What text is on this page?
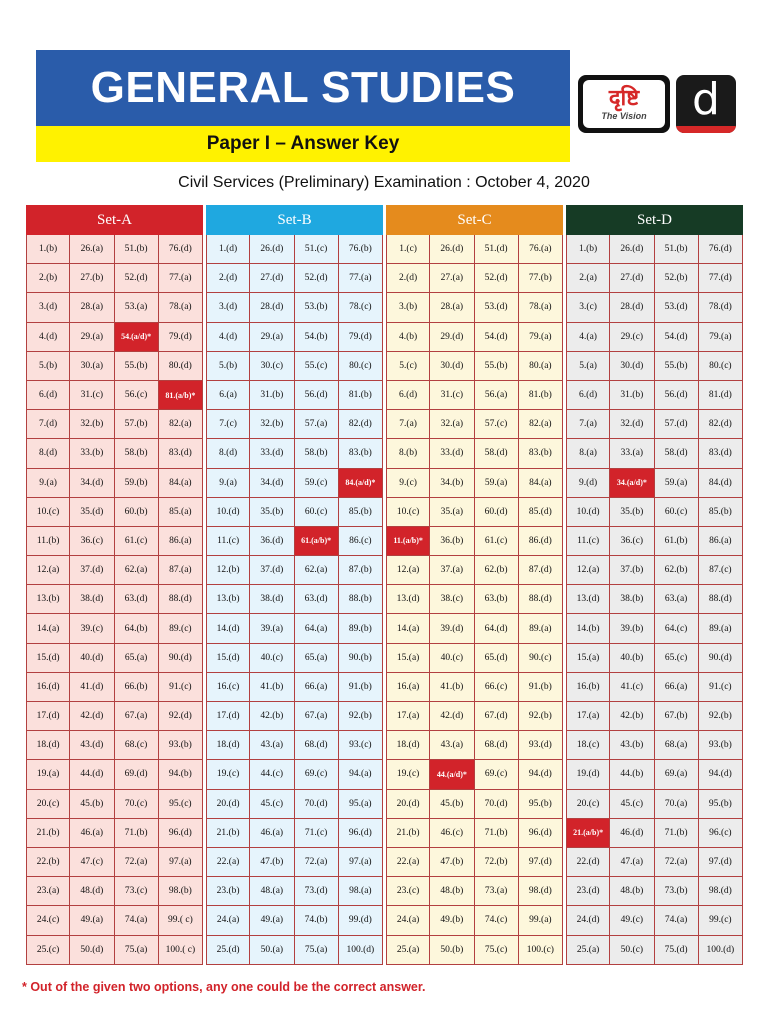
GENERAL STUDIES
Paper I – Answer Key
दृष्टि
The Vision	d
Civil Services (Preliminary) Examination : October 4, 2020
Set-A	Set-B	Set-C	Set-D
1.(b)	26.(a)	51.(b)	76.(d)	1.(d)	26.(d)	51.(c)	76.(b)	1.(c)	26.(d)	51.(d)	76.(a)	1.(b)	26.(d)	51.(b)	76.(d)
2.(b)	27.(b)	52.(d)	77.(a)	2.(d)	27.(d)	52.(d)	77.(a)	2.(d)	27.(a)	52.(d)	77.(b)	2.(a)	27.(d)	52.(b)	77.(d)
3.(d)	28.(a)	53.(a)	78.(a)	3.(d)	28.(d)	53.(b)	78.(c)	3.(b)	28.(a)	53.(d)	78.(a)	3.(c)	28.(d)	53.(d)	78.(d)
4.(d)	29.(a)	54.(a/d)*	79.(d)	4.(d)	29.(a)	54.(b)	79.(d)	4.(b)	29.(d)	54.(d)	79.(a)	4.(a)	29.(c)	54.(d)	79.(a)
5.(b)	30.(a)	55.(b)	80.(d)	5.(b)	30.(c)	55.(c)	80.(c)	5.(c)	30.(d)	55.(b)	80.(a)	5.(a)	30.(d)	55.(b)	80.(c)
6.(d)	31.(c)	56.(c)	81.(a/b)*	6.(a)	31.(b)	56.(d)	81.(b)	6.(d)	31.(c)	56.(a)	81.(b)	6.(d)	31.(b)	56.(d)	81.(d)
7.(d)	32.(b)	57.(b)	82.(a)	7.(c)	32.(b)	57.(a)	82.(d)	7.(a)	32.(a)	57.(c)	82.(a)	7.(a)	32.(d)	57.(d)	82.(d)
8.(d)	33.(b)	58.(b)	83.(d)	8.(d)	33.(d)	58.(b)	83.(b)	8.(b)	33.(d)	58.(d)	83.(b)	8.(a)	33.(a)	58.(d)	83.(d)
9.(a)	34.(d)	59.(b)	84.(a)	9.(a)	34.(d)	59.(c)	84.(a/d)*	9.(c)	34.(b)	59.(a)	84.(a)	9.(d)	34.(a/d)*	59.(a)	84.(d)
10.(c)	35.(d)	60.(b)	85.(a)	10.(d)	35.(b)	60.(c)	85.(b)	10.(c)	35.(a)	60.(d)	85.(d)	10.(d)	35.(b)	60.(c)	85.(b)
11.(b)	36.(c)	61.(c)	86.(a)	11.(c)	36.(d)	61.(a/b)*	86.(c)	11.(a/b)*	36.(b)	61.(c)	86.(d)	11.(c)	36.(c)	61.(b)	86.(a)
12.(a)	37.(d)	62.(a)	87.(a)	12.(b)	37.(d)	62.(a)	87.(b)	12.(a)	37.(a)	62.(b)	87.(d)	12.(a)	37.(b)	62.(b)	87.(c)
13.(b)	38.(d)	63.(d)	88.(d)	13.(b)	38.(d)	63.(d)	88.(b)	13.(d)	38.(c)	63.(b)	88.(d)	13.(d)	38.(b)	63.(a)	88.(d)
14.(a)	39.(c)	64.(b)	89.(c)	14.(d)	39.(a)	64.(a)	89.(b)	14.(a)	39.(d)	64.(d)	89.(a)	14.(b)	39.(b)	64.(c)	89.(a)
15.(d)	40.(d)	65.(a)	90.(d)	15.(d)	40.(c)	65.(a)	90.(b)	15.(a)	40.(c)	65.(d)	90.(c)	15.(a)	40.(b)	65.(c)	90.(d)
16.(d)	41.(d)	66.(b)	91.(c)	16.(c)	41.(b)	66.(a)	91.(b)	16.(a)	41.(b)	66.(c)	91.(b)	16.(b)	41.(c)	66.(a)	91.(c)
17.(d)	42.(d)	67.(a)	92.(d)	17.(d)	42.(b)	67.(a)	92.(b)	17.(a)	42.(d)	67.(d)	92.(b)	17.(a)	42.(b)	67.(b)	92.(b)
18.(d)	43.(d)	68.(c)	93.(b)	18.(d)	43.(a)	68.(d)	93.(c)	18.(d)	43.(a)	68.(d)	93.(d)	18.(c)	43.(b)	68.(a)	93.(b)
19.(a)	44.(d)	69.(d)	94.(b)	19.(c)	44.(c)	69.(c)	94.(a)	19.(c)	44.(a/d)*	69.(c)	94.(d)	19.(d)	44.(b)	69.(a)	94.(d)
20.(c)	45.(b)	70.(c)	95.(c)	20.(d)	45.(c)	70.(d)	95.(a)	20.(d)	45.(b)	70.(d)	95.(b)	20.(c)	45.(c)	70.(a)	95.(b)
21.(b)	46.(a)	71.(b)	96.(d)	21.(b)	46.(a)	71.(c)	96.(d)	21.(b)	46.(c)	71.(b)	96.(d)	21.(a/b)*	46.(d)	71.(b)	96.(c)
22.(b)	47.(c)	72.(a)	97.(a)	22.(a)	47.(b)	72.(a)	97.(a)	22.(a)	47.(b)	72.(b)	97.(d)	22.(d)	47.(a)	72.(a)	97.(d)
23.(a)	48.(d)	73.(c)	98.(b)	23.(b)	48.(a)	73.(d)	98.(a)	23.(c)	48.(b)	73.(a)	98.(d)	23.(d)	48.(b)	73.(b)	98.(d)
24.(c)	49.(a)	74.(a)	99.( c)	24.(a)	49.(a)	74.(b)	99.(d)	24.(a)	49.(b)	74.(c)	99.(a)	24.(d)	49.(c)	74.(a)	99.(c)
25.(c)	50.(d)	75.(a)	100.( c)	25.(d)	50.(a)	75.(a)	100.(d)	25.(a)	50.(b)	75.(c)	100.(c)	25.(a)	50.(c)	75.(d)	100.(d)
* Out of the given two options, any one could be the correct answer.
